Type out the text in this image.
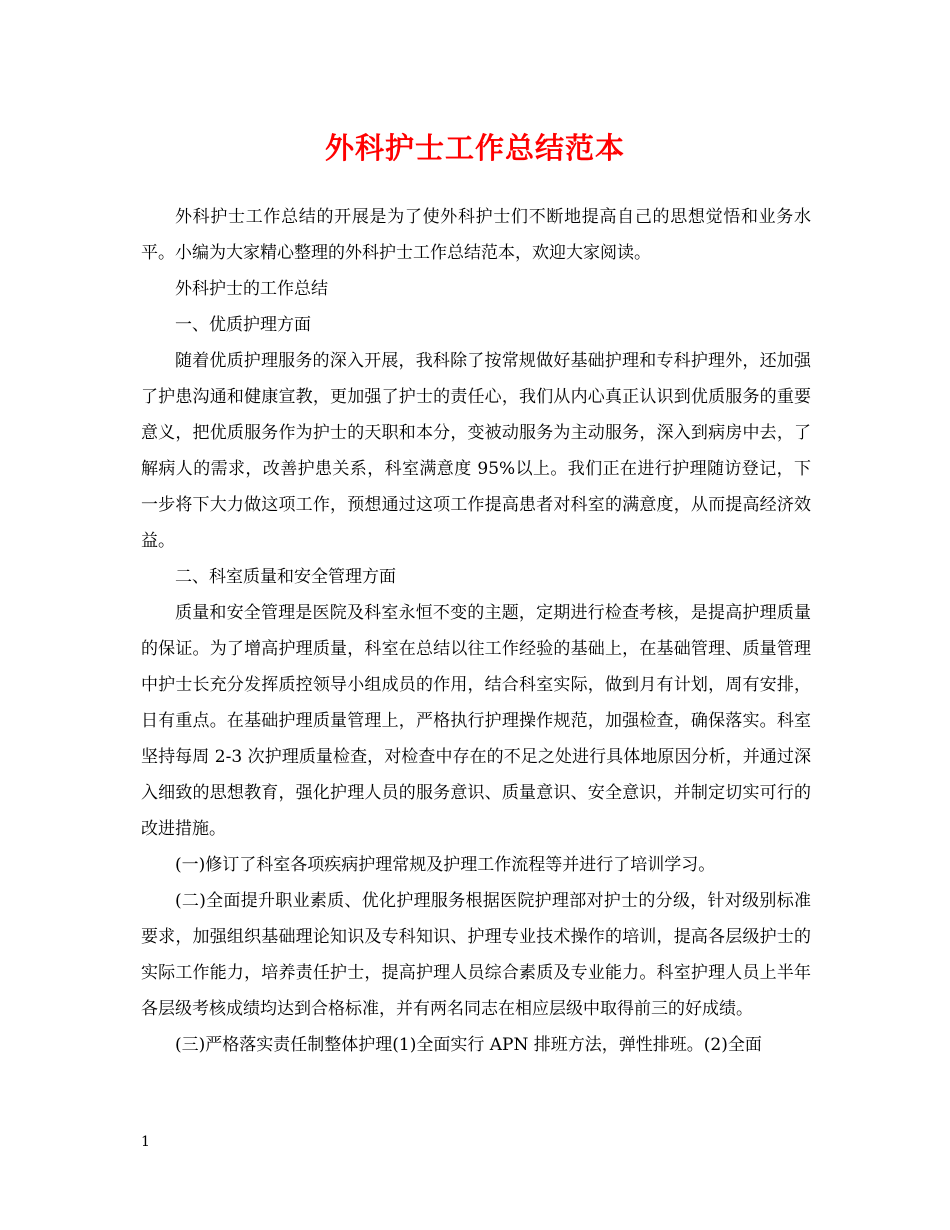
外科护士工作总结范本

外科护士工作总结的开展是为了使外科护士们不断地提高自己的思想觉悟和业务水平。小编为大家精心整理的外科护士工作总结范本，欢迎大家阅读。

外科护士的工作总结

一、优质护理方面

随着优质护理服务的深入开展，我科除了按常规做好基础护理和专科护理外，还加强了护患沟通和健康宣教，更加强了护士的责任心，我们从内心真正认识到优质服务的重要意义，把优质服务作为护士的天职和本分，变被动服务为主动服务，深入到病房中去，了解病人的需求，改善护患关系，科室满意度 95%以上。我们正在进行护理随访登记，下一步将下大力做这项工作，预想通过这项工作提高患者对科室的满意度，从而提高经济效益。

二、科室质量和安全管理方面

质量和安全管理是医院及科室永恒不变的主题，定期进行检查考核，是提高护理质量的保证。为了增高护理质量，科室在总结以往工作经验的基础上，在基础管理、质量管理中护士长充分发挥质控领导小组成员的作用，结合科室实际，做到月有计划，周有安排，日有重点。在基础护理质量管理上，严格执行护理操作规范，加强检查，确保落实。科室坚持每周 2-3 次护理质量检查，对检查中存在的不足之处进行具体地原因分析，并通过深入细致的思想教育，强化护理人员的服务意识、质量意识、安全意识，并制定切实可行的改进措施。

(一)修订了科室各项疾病护理常规及护理工作流程等并进行了培训学习。

(二)全面提升职业素质、优化护理服务根据医院护理部对护士的分级，针对级别标准要求，加强组织基础理论知识及专科知识、护理专业技术操作的培训，提高各层级护士的实际工作能力，培养责任护士，提高护理人员综合素质及专业能力。科室护理人员上半年各层级考核成绩均达到合格标准，并有两名同志在相应层级中取得前三的好成绩。

(三)严格落实责任制整体护理(1)全面实行 APN 排班方法，弹性排班。(2)全面

1
